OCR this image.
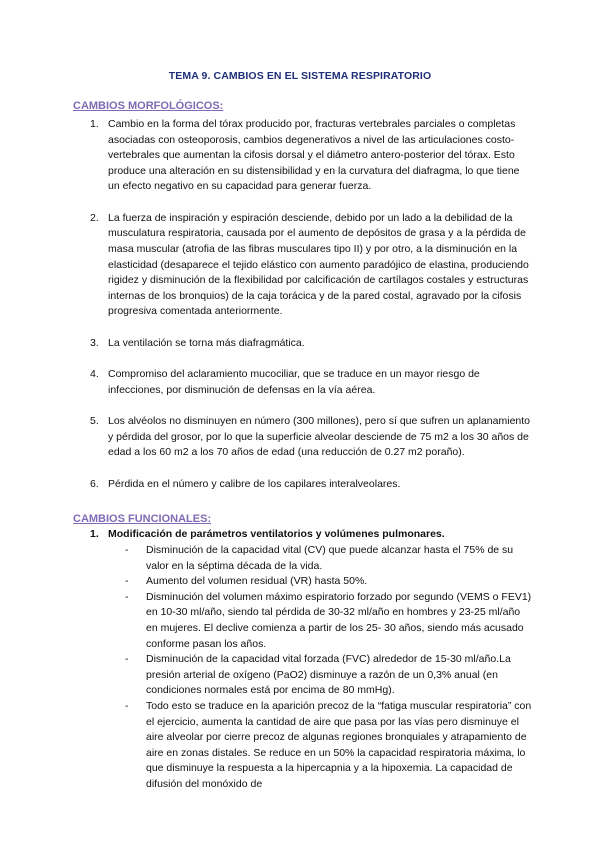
TEMA 9. CAMBIOS EN EL SISTEMA RESPIRATORIO
CAMBIOS MORFOLÓGICOS:
1. Cambio en la forma del tórax producido por, fracturas vertebrales parciales o completas asociadas con osteoporosis, cambios degenerativos a nivel de las articulaciones costo-vertebrales que aumentan la cifosis dorsal y el diámetro antero-posterior del tórax. Esto produce una alteración en su distensibilidad y en la curvatura del diafragma, lo que tiene un efecto negativo en su capacidad para generar fuerza.
2. La fuerza de inspiración y espiración desciende, debido por un lado a la debilidad de la musculatura respiratoria, causada por el aumento de depósitos de grasa y a la pérdida de masa muscular (atrofia de las fibras musculares tipo II) y por otro, a la disminución en la elasticidad (desaparece el tejido elástico con aumento paradójico de elastina, produciendo rigidez y disminución de la flexibilidad por calcificación de cartílagos costales y estructuras internas de los bronquios) de la caja torácica y de la pared costal, agravado por la cifosis progresiva comentada anteriormente.
3. La ventilación se torna más diafragmática.
4. Compromiso del aclaramiento mucociliar, que se traduce en un mayor riesgo de infecciones, por disminución de defensas en la vía aérea.
5. Los alvéolos no disminuyen en número (300 millones), pero sí que sufren un aplanamiento y pérdida del grosor, por lo que la superficie alveolar desciende de 75 m2 a los 30 años de edad a los 60 m2 a los 70 años de edad (una reducción de 0.27 m2 poraño).
6. Pérdida en el número y calibre de los capilares interalveolares.
CAMBIOS FUNCIONALES:
1. Modificación de parámetros ventilatorios y volúmenes pulmonares.
- Disminución de la capacidad vital (CV) que puede alcanzar hasta el 75% de su valor en la séptima década de la vida.
- Aumento del volumen residual (VR) hasta 50%.
- Disminución del volumen máximo espiratorio forzado por segundo (VEMS o FEV1) en 10-30 ml/año, siendo tal pérdida de 30-32 ml/año en hombres y 23-25 ml/año en mujeres. El declive comienza a partir de los 25- 30 años, siendo más acusado conforme pasan los años.
- Disminución de la capacidad vital forzada (FVC) alrededor de 15-30 ml/año.La presión arterial de oxígeno (PaO2) disminuye a razón de un 0,3% anual (en condiciones normales está por encima de 80 mmHg).
- Todo esto se traduce en la aparición precoz de la “fatiga muscular respiratoria” con el ejercicio, aumenta la cantidad de aire que pasa por las vías pero disminuye el aire alveolar por cierre precoz de algunas regiones bronquiales y atrapamiento de aire en zonas distales. Se reduce en un 50% la capacidad respiratoria máxima, lo que disminuye la respuesta a la hipercapnia y a la hipoxemia. La capacidad de difusión del monóxido de
